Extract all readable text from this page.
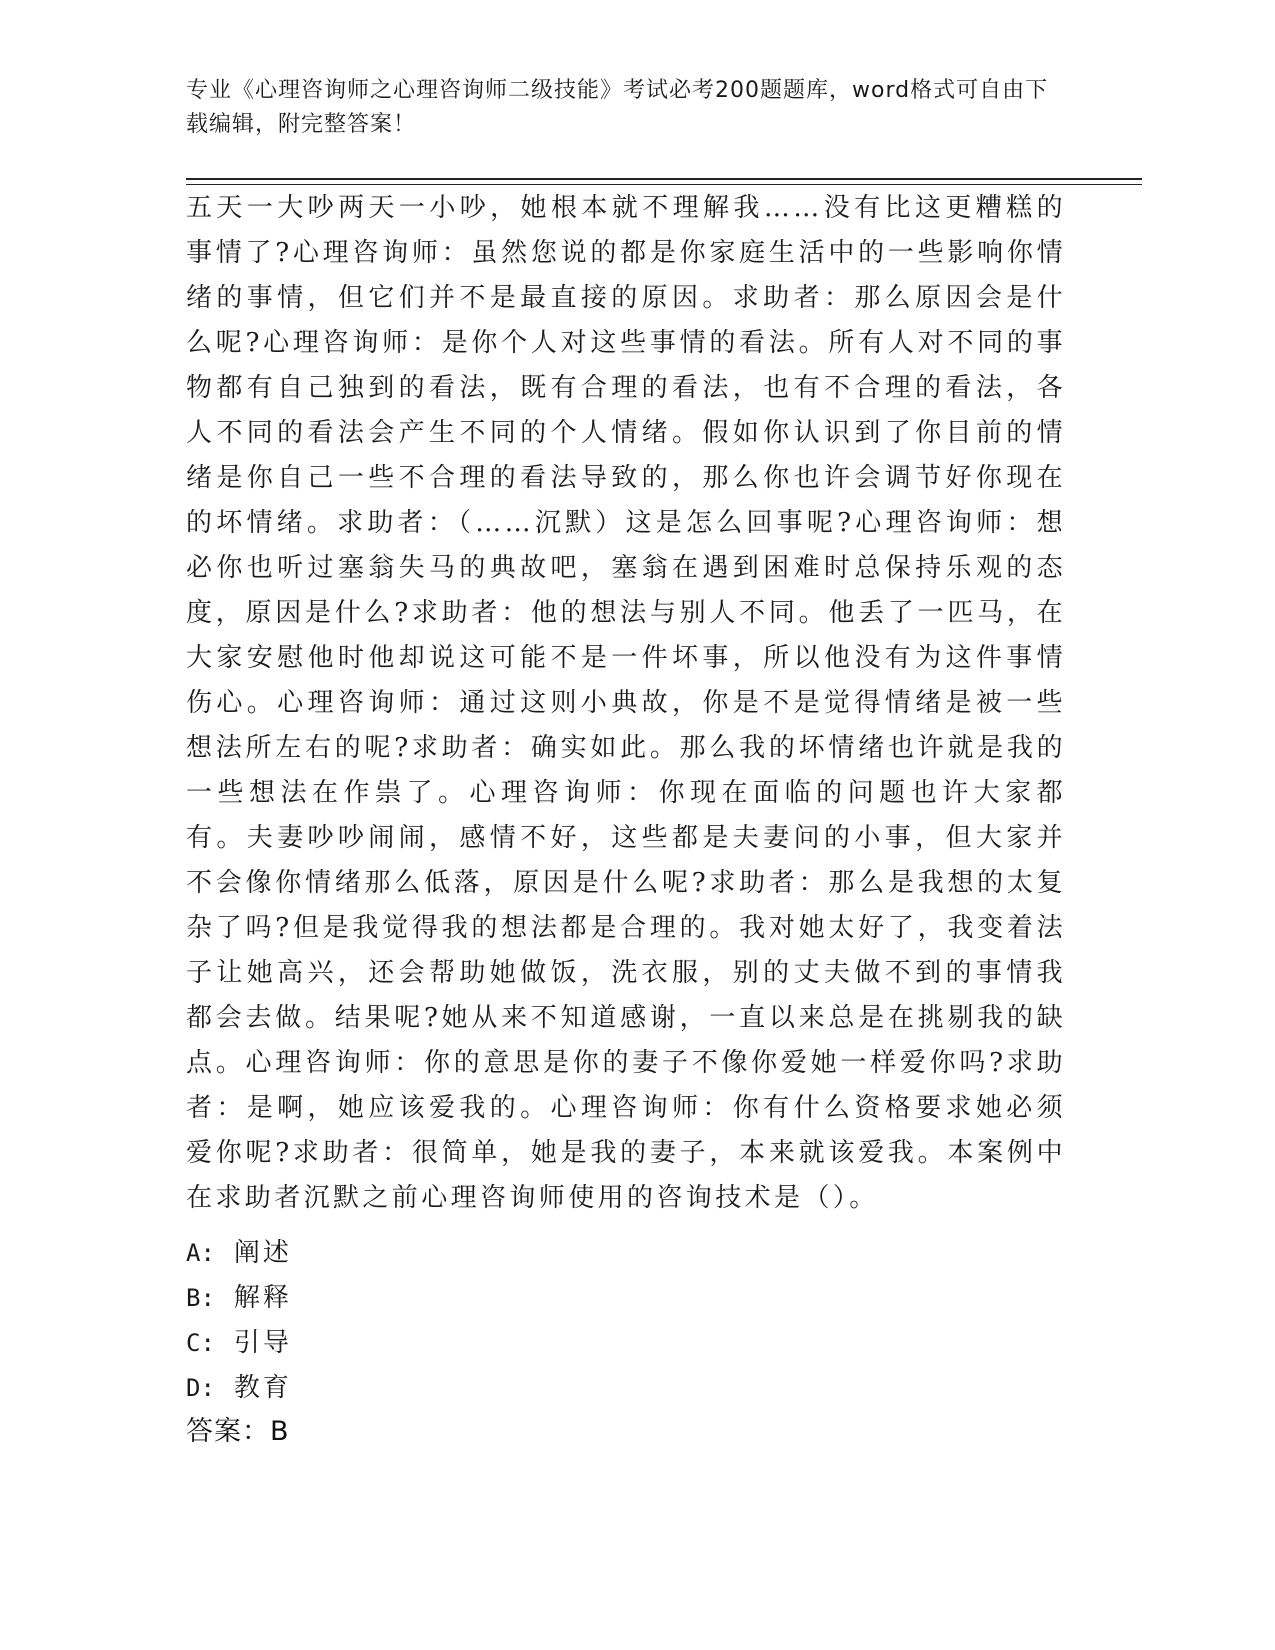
专业《心理咨询师之心理咨询师二级技能》考试必考200题题库，word格式可自由下载编辑，附完整答案！
五天一大吵两天一小吵，她根本就不理解我……没有比这更糟糕的事情了?心理咨询师：虽然您说的都是你家庭生活中的一些影响你情绪的事情，但它们并不是最直接的原因。求助者：那么原因会是什么呢?心理咨询师：是你个人对这些事情的看法。所有人对不同的事物都有自己独到的看法，既有合理的看法，也有不合理的看法，各人不同的看法会产生不同的个人情绪。假如你认识到了你目前的情绪是你自己一些不合理的看法导致的，那么你也许会调节好你现在的坏情绪。求助者：（……沉默）这是怎么回事呢?心理咨询师：想必你也听过塞翁失马的典故吧，塞翁在遇到困难时总保持乐观的态度，原因是什么?求助者：他的想法与别人不同。他丢了一匹马，在大家安慰他时他却说这可能不是一件坏事，所以他没有为这件事情伤心。心理咨询师：通过这则小典故，你是不是觉得情绪是被一些想法所左右的呢?求助者：确实如此。那么我的坏情绪也许就是我的一些想法在作祟了。心理咨询师：你现在面临的问题也许大家都有。夫妻吵吵闹闹，感情不好，这些都是夫妻问的小事，但大家并不会像你情绪那么低落，原因是什么呢?求助者：那么是我想的太复杂了吗?但是我觉得我的想法都是合理的。我对她太好了，我变着法子让她高兴，还会帮助她做饭，洗衣服，别的丈夫做不到的事情我都会去做。结果呢?她从来不知道感谢，一直以来总是在挑剔我的缺点。心理咨询师：你的意思是你的妻子不像你爱她一样爱你吗?求助者：是啊，她应该爱我的。心理咨询师：你有什么资格要求她必须爱你呢?求助者：很简单，她是我的妻子，本来就该爱我。本案例中在求助者沉默之前心理咨询师使用的咨询技术是（）。
A: 阐述
B: 解释
C: 引导
D: 教育
答案：B
